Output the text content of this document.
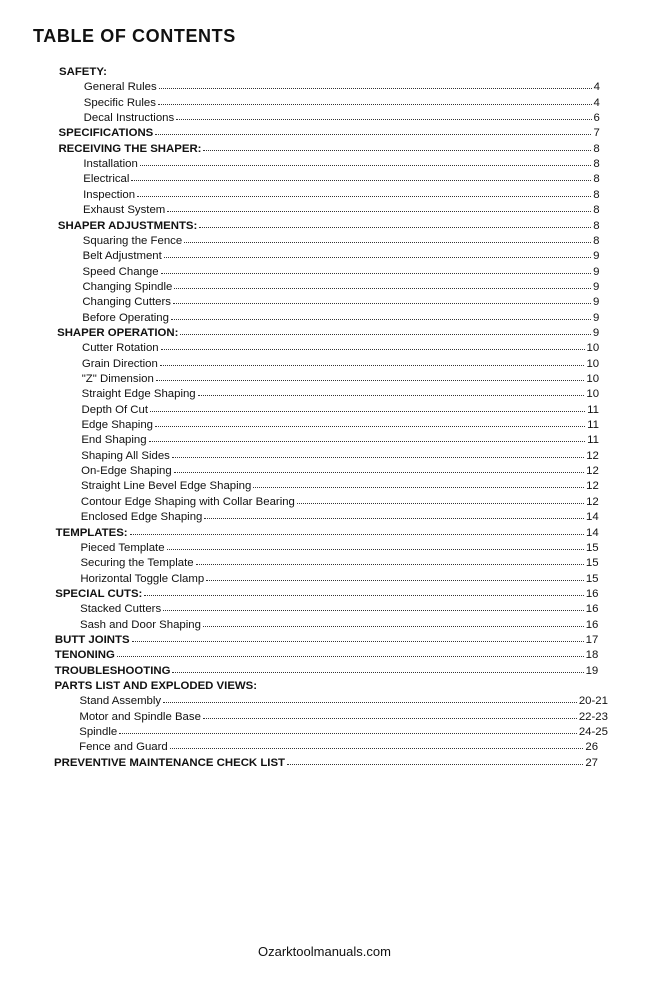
TABLE OF CONTENTS
SAFETY:
General Rules	4
Specific Rules	4
Decal Instructions	6
SPECIFICATIONS	7
RECEIVING THE SHAPER:	8
Installation	8
Electrical	8
Inspection	8
Exhaust System	8
SHAPER ADJUSTMENTS:	8
Squaring the Fence	8
Belt Adjustment	9
Speed Change	9
Changing Spindle	9
Changing Cutters	9
Before Operating	9
SHAPER OPERATION:	9
Cutter Rotation	10
Grain Direction	10
"Z" Dimension	10
Straight Edge Shaping	10
Depth Of Cut	11
Edge Shaping	11
End Shaping	11
Shaping All Sides	12
On-Edge Shaping	12
Straight Line Bevel Edge Shaping	12
Contour Edge Shaping with Collar Bearing	12
Enclosed Edge Shaping	14
TEMPLATES:	14
Pieced Template	15
Securing the Template	15
Horizontal Toggle Clamp	15
SPECIAL CUTS:	16
Stacked Cutters	16
Sash and Door Shaping	16
BUTT JOINTS	17
TENONING	18
TROUBLESHOOTING	19
PARTS LIST AND EXPLODED VIEWS:
Stand Assembly	20-21
Motor and Spindle Base	22-23
Spindle	24-25
Fence and Guard	26
PREVENTIVE MAINTENANCE CHECK LIST	27
Ozarktoolmanuals.com
